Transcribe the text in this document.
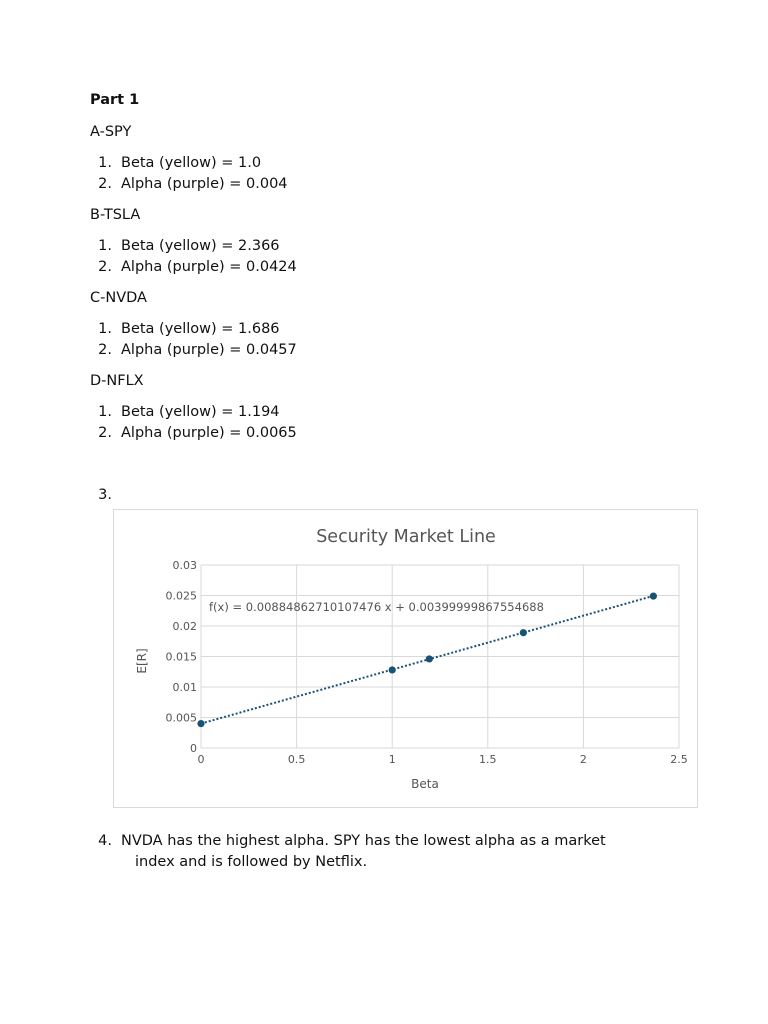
Part 1
A-SPY
1. Beta (yellow) = 1.0
2. Alpha (purple) = 0.004
B-TSLA
1. Beta (yellow) = 2.366
2. Alpha (purple) = 0.0424
C-NVDA
1. Beta (yellow) = 1.686
2. Alpha (purple) = 0.0457
D-NFLX
1. Beta (yellow) = 1.194
2. Alpha (purple) = 0.0065
3.
Security Market Line
0
0.005
0.01
0.015
0.02
0.025
0.03
0	0.5	1	1.5	2	2.5
f(x) = 0.00884862710107476 x + 0.00399999867554688
Beta
E[R]
4. NVDA has the highest alpha. SPY has the lowest alpha as a market
index and is followed by Netflix.
